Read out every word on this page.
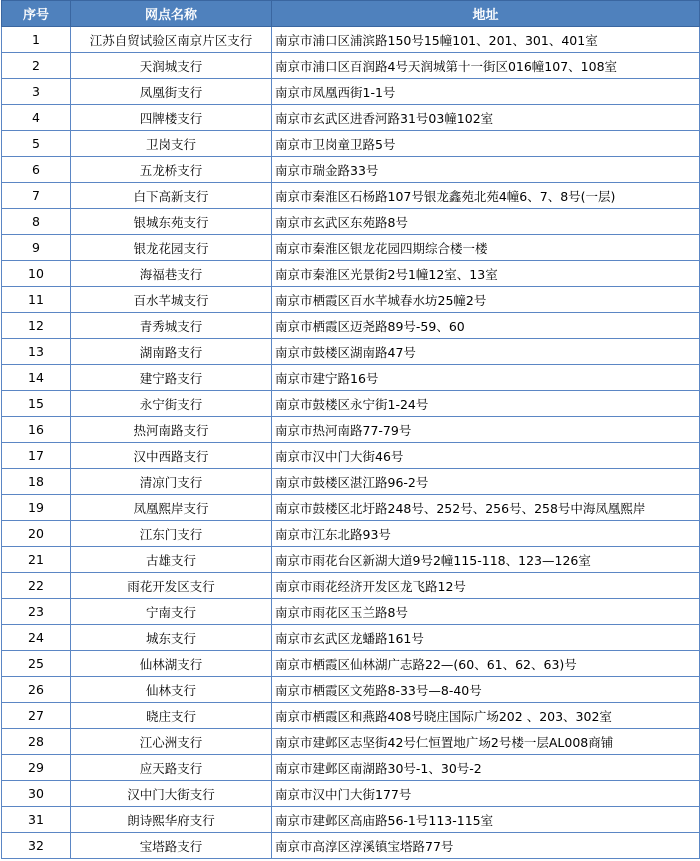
序号	网点名称	地址
1	江苏自贸试验区南京片区支行	南京市浦口区浦滨路150号15幢101、201、301、401室
2	天润城支行	南京市浦口区百润路4号天润城第十一街区016幢107、108室
3	凤凰街支行	南京市凤凰西街1-1号
4	四牌楼支行	南京市玄武区进香河路31号03幢102室
5	卫岗支行	南京市卫岗童卫路5号
6	五龙桥支行	南京市瑞金路33号
7	白下高新支行	南京市秦淮区石杨路107号银龙鑫苑北苑4幢6、7、8号(一层)
8	银城东苑支行	南京市玄武区东苑路8号
9	银龙花园支行	南京市秦淮区银龙花园四期综合楼一楼
10	海福巷支行	南京市秦淮区光景街2号1幢12室、13室
11	百水芊城支行	南京市栖霞区百水芊城春水坊25幢2号
12	青秀城支行	南京市栖霞区迈尧路89号-59、60
13	湖南路支行	南京市鼓楼区湖南路47号
14	建宁路支行	南京市建宁路16号
15	永宁街支行	南京市鼓楼区永宁街1-24号
16	热河南路支行	南京市热河南路77-79号
17	汉中西路支行	南京市汉中门大街46号
18	清凉门支行	南京市鼓楼区湛江路96-2号
19	凤凰熙岸支行	南京市鼓楼区北圩路248号、252号、256号、258号中海凤凰熙岸
20	江东门支行	南京市江东北路93号
21	古雄支行	南京市雨花台区新湖大道9号2幢115-118、123—126室
22	雨花开发区支行	南京市雨花经济开发区龙飞路12号
23	宁南支行	南京市雨花区玉兰路8号
24	城东支行	南京市玄武区龙蟠路161号
25	仙林湖支行	南京市栖霞区仙林湖广志路22—(60、61、62、63)号
26	仙林支行	南京市栖霞区文苑路8-33号—8-40号
27	晓庄支行	南京市栖霞区和燕路408号晓庄国际广场202 、203、302室
28	江心洲支行	南京市建邺区志坚街42号仁恒置地广场2号楼一层AL008商铺
29	应天路支行	南京市建邺区南湖路30号-1、30号-2
30	汉中门大街支行	南京市汉中门大街177号
31	朗诗熙华府支行	南京市建邺区高庙路56-1号113-115室
32	宝塔路支行	南京市高淳区淳溪镇宝塔路77号
